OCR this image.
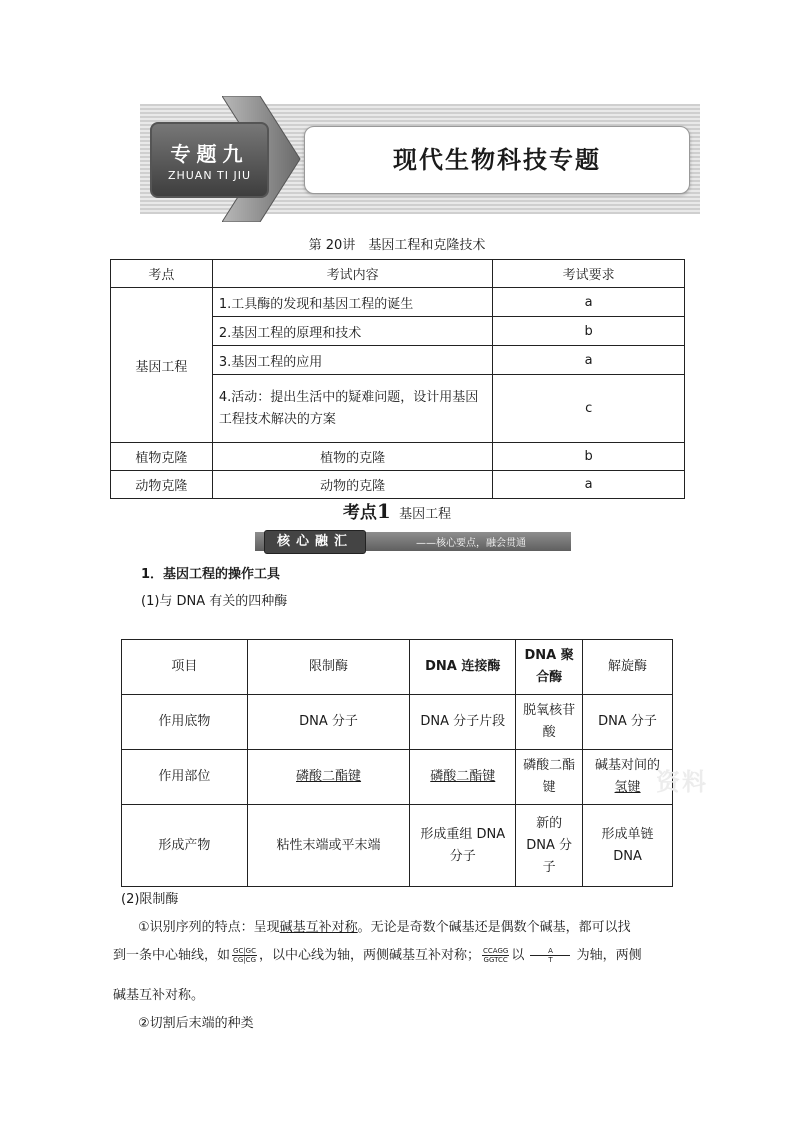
专题九
ZHUAN TI JIU
现代生物科技专题
第 20讲　基因工程和克隆技术
考点	考试内容	考试要求
基因工程	1.工具酶的发现和基因工程的诞生	a
	2.基因工程的原理和技术	b
	3.基因工程的应用	a
	4.活动：提出生活中的疑难问题，设计用基因工程技术解决的方案	c
植物克隆	植物的克隆	b
动物克隆	动物的克隆	a
考点1 基因工程
核心融汇	——核心要点，融会贯通
1．基因工程的操作工具
(1)与 DNA 有关的四种酶
项目	限制酶	DNA 连接酶	DNA 聚合酶	解旋酶
作用底物	DNA 分子	DNA 分子片段	脱氧核苷酸	DNA 分子
作用部位	磷酸二酯键	磷酸二酯键	磷酸二酯键	碱基对间的
氢键
形成产物	粘性末端或平末端	形成重组 DNA 分子	新的 DNA 分子	形成单链 DNA
资料
(2)限制酶
①识别序列的特点：呈现碱基互补对称。无论是奇数个碱基还是偶数个碱基，都可以找
到一条中心轴线，如 $\frac{GC|GC}{CG|CG}$ ，以中心线为轴，两侧碱基互补对称； $\frac{\text{CCAGG}}{\text{GGTCC}}$ 以 $\frac{A}{T}$ 为轴，两侧
碱基互补对称。
②切割后末端的种类
